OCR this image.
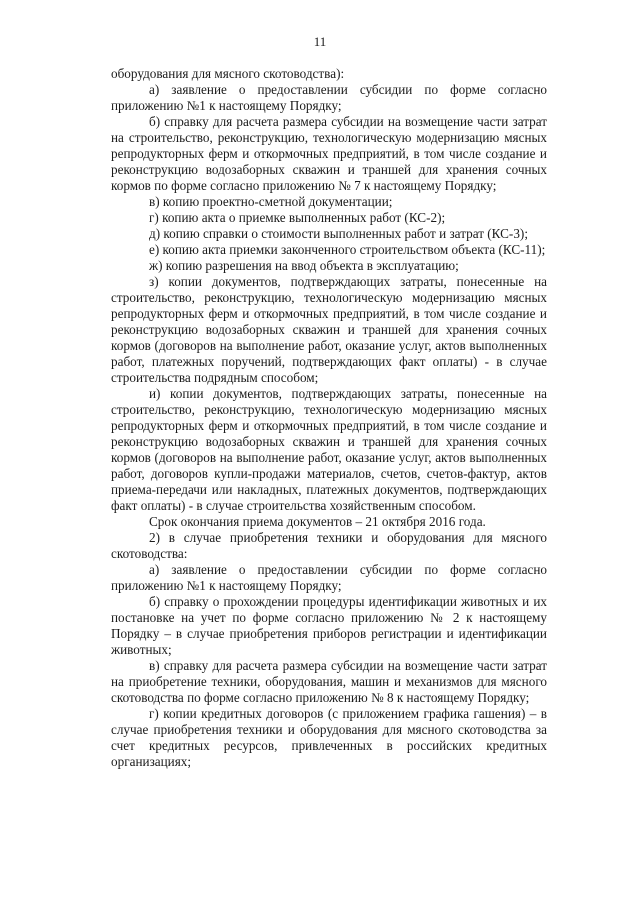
11

оборудования для мясного скотоводства):

а) заявление о предоставлении субсидии по форме согласно приложению №1 к настоящему Порядку;

б) справку для расчета размера субсидии на возмещение части затрат на строительство, реконструкцию, технологическую модернизацию мясных репродукторных ферм и откормочных предприятий, в том числе создание и реконструкцию водозаборных скважин и траншей для хранения сочных кормов по форме согласно приложению № 7 к настоящему Порядку;

в) копию проектно-сметной документации;

г) копию акта о приемке выполненных работ (КС-2);

д) копию справки о стоимости выполненных работ и затрат (КС-3);

е) копию акта приемки законченного строительством объекта (КС-11);

ж) копию разрешения на ввод объекта в эксплуатацию;

з) копии документов, подтверждающих затраты, понесенные на строительство, реконструкцию, технологическую модернизацию мясных репродукторных ферм и откормочных предприятий, в том числе создание и реконструкцию водозаборных скважин и траншей для хранения сочных кормов (договоров на выполнение работ, оказание услуг, актов выполненных работ, платежных поручений, подтверждающих факт оплаты) - в случае строительства подрядным способом;

и) копии документов, подтверждающих затраты, понесенные на строительство, реконструкцию, технологическую модернизацию мясных репродукторных ферм и откормочных предприятий, в том числе создание и реконструкцию водозаборных скважин и траншей для хранения сочных кормов (договоров на выполнение работ, оказание услуг, актов выполненных работ, договоров купли-продажи материалов, счетов, счетов-фактур, актов приема-передачи или накладных, платежных документов, подтверждающих факт оплаты) - в случае строительства хозяйственным способом.

Срок окончания приема документов – 21 октября 2016 года.

2) в случае приобретения техники и оборудования для мясного скотоводства:

а) заявление о предоставлении субсидии по форме согласно приложению №1 к настоящему Порядку;

б) справку о прохождении процедуры идентификации животных и их постановке на учет по форме согласно приложению № 2 к настоящему Порядку – в случае приобретения приборов регистрации и идентификации животных;

в) справку для расчета размера субсидии на возмещение части затрат на приобретение техники, оборудования, машин и механизмов для мясного скотоводства по форме согласно приложению № 8 к настоящему Порядку;

г) копии кредитных договоров (с приложением графика гашения) – в случае приобретения техники и оборудования для мясного скотоводства за счет кредитных ресурсов, привлеченных в российских кредитных организациях;
